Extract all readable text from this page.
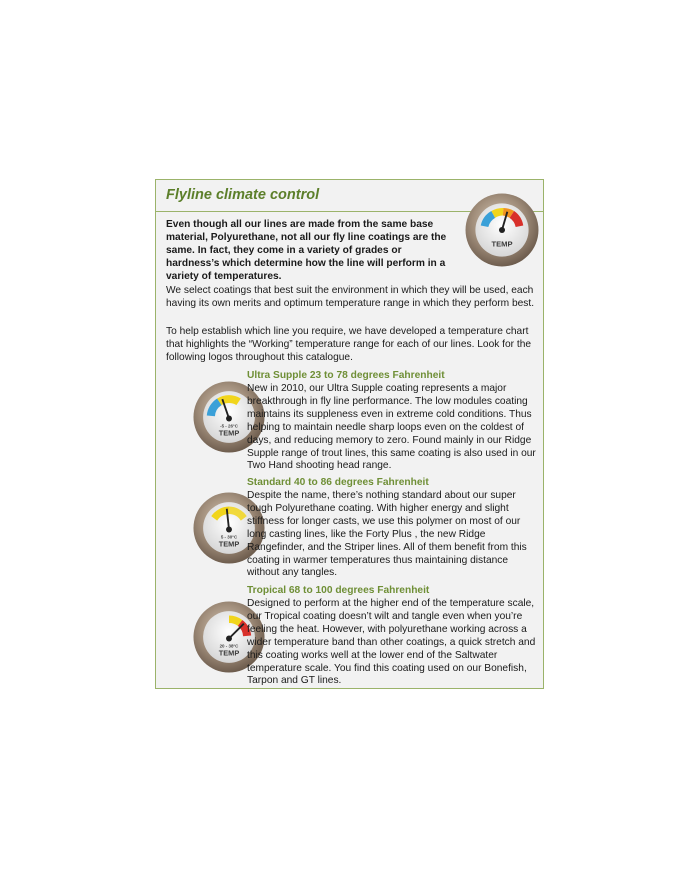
Flyline climate control
Even though all our lines are made from the same base material, Polyurethane, not all our fly line coatings are the same. In fact, they come in a variety of grades or hardness’s which determine how the line will perform in a variety of temperatures.
TEMP
We select coatings that best suit the environment in which they will be used, each having its own merits and optimum temperature range in which they perform best.
To help establish which line you require, we have developed a temperature chart that highlights the “Working” temperature range for each of our lines. Look for the following logos throughout this catalogue.
-5 - 26°C
TEMP
Ultra Supple 23 to 78 degrees Fahrenheit
New in 2010, our Ultra Supple coating represents a major breakthrough in fly line performance. The low modules coating maintains its suppleness even in extreme cold conditions. Thus helping to maintain needle sharp loops even on the coldest of days, and reducing memory to zero. Found mainly in our Ridge Supple range of trout lines, this same coating is also used in our Two Hand shooting head range.
5 - 30°C
TEMP
Standard 40 to 86 degrees Fahrenheit
Despite the name, there’s nothing standard about our super tough Polyurethane coating. With higher energy and slight stiffness for longer casts, we use this polymer on most of our long casting lines, like the Forty Plus , the new Ridge Rangefinder, and the Striper lines. All of them benefit from this coating in warmer temperatures thus maintaining distance without any tangles.
20 - 38°C
TEMP
Tropical 68 to 100 degrees Fahrenheit
Designed to perform at the higher end of the temperature scale, our Tropical coating doesn’t wilt and tangle even when you’re feeling the heat. However, with polyurethane working across a wider temperature band than other coatings, a quick stretch and this coating works well at the lower end of the Saltwater temperature scale. You find this coating used on our Bonefish, Tarpon and GT lines.
